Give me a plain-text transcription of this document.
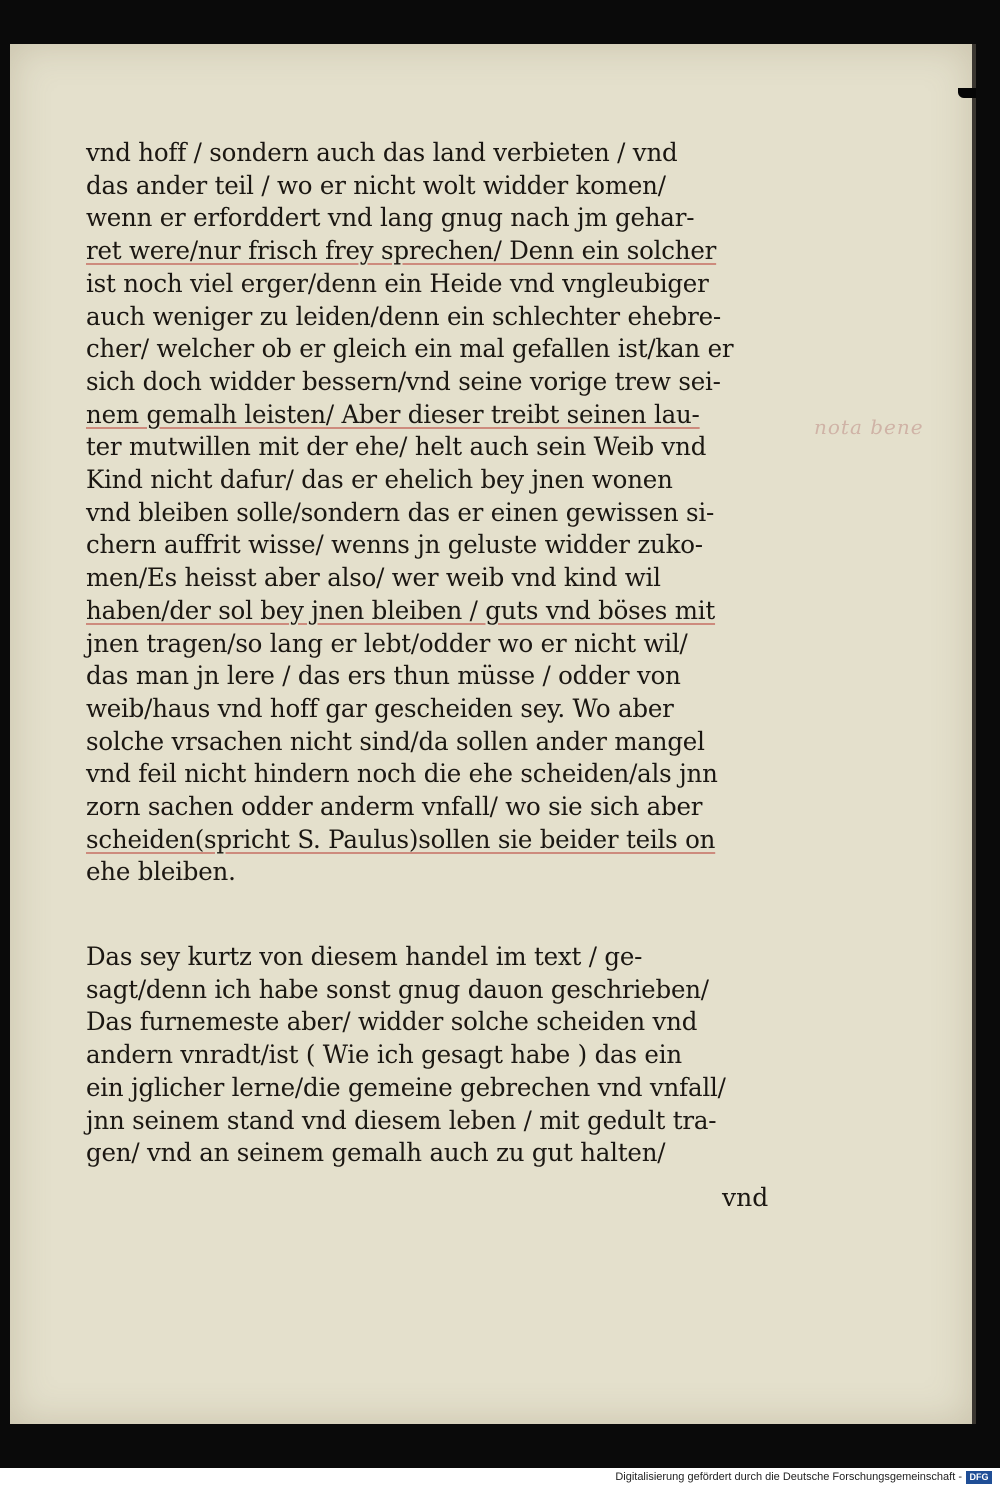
vnd hoff / sondern auch das land verbieten / vnd
das ander teil / wo er nicht wolt widder komen/
wenn er erforddert vnd lang gnug nach jm gehar-
ret were/nur frisch frey sprechen/ Denn ein solcher
ist noch viel erger/denn ein Heide vnd vngleubiger
auch weniger zu leiden/denn ein schlechter ehebre-
cher/ welcher ob er gleich ein mal gefallen ist/kan er
sich doch widder bessern/vnd seine vorige trew sei-
nem gemalh leisten/ Aber dieser treibt seinen lau-
ter mutwillen mit der ehe/ helt auch sein Weib vnd
Kind nicht dafur/ das er ehelich bey jnen wonen
vnd bleiben solle/sondern das er einen gewissen si-
chern auffrit wisse/ wenns jn geluste widder zuko-
men/Es heisst aber also/ wer weib vnd kind wil
haben/der sol bey jnen bleiben / guts vnd böses mit
jnen tragen/so lang er lebt/odder wo er nicht wil/
das man jn lere / das ers thun müsse / odder von
weib/haus vnd hoff gar gescheiden sey. Wo aber
solche vrsachen nicht sind/da sollen ander mangel
vnd feil nicht hindern noch die ehe scheiden/als jnn
zorn sachen odder anderm vnfall/ wo sie sich aber
scheiden(spricht S. Paulus)sollen sie beider teils on
ehe bleiben.
nota bene
Das sey kurtz von diesem handel im text / ge-
sagt/denn ich habe sonst gnug dauon geschrieben/
Das furnemeste aber/ widder solche scheiden vnd
andern vnradt/ist ( Wie ich gesagt habe ) das ein
ein jglicher lerne/die gemeine gebrechen vnd vnfall/
jnn seinem stand vnd diesem leben / mit gedult tra-
gen/ vnd an seinem gemalh auch zu gut halten/
vnd
Digitalisierung gefördert durch die Deutsche Forschungsgemeinschaft - DFG
